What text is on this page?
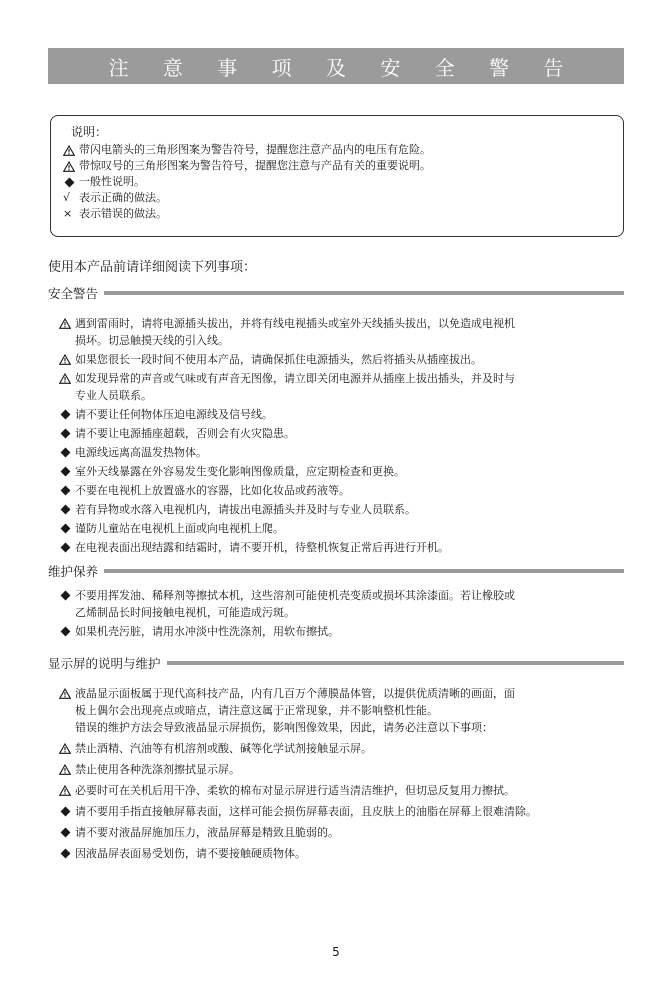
注 意 事 项 及 安 全 警 告
说明：
带闪电箭头的三角形图案为警告符号，提醒您注意产品内的电压有危险。
带惊叹号的三角形图案为警告符号，提醒您注意与产品有关的重要说明。
一般性说明。
√ 表示正确的做法。
× 表示错误的做法。
使用本产品前请详细阅读下列事项：
安全警告
遇到雷雨时，请将电源插头拔出，并将有线电视插头或室外天线插头拔出，以免造成电视机
损坏。切忌触摸天线的引入线。
如果您很长一段时间不使用本产品，请确保抓住电源插头，然后将插头从插座拔出。
如发现异常的声音或气味或有声音无图像，请立即关闭电源并从插座上拔出插头，并及时与
专业人员联系。
请不要让任何物体压迫电源线及信号线。
请不要让电源插座超载，否则会有火灾隐患。
电源线远离高温发热物体。
室外天线暴露在外容易发生变化影响图像质量，应定期检查和更换。
不要在电视机上放置盛水的容器，比如化妆品或药液等。
若有异物或水落入电视机内，请拔出电源插头并及时与专业人员联系。
谨防儿童站在电视机上面或向电视机上爬。
在电视表面出现结露和结霜时，请不要开机，待整机恢复正常后再进行开机。
维护保养
不要用挥发油、稀释剂等擦拭本机，这些溶剂可能使机壳变质或损坏其涂漆面。若让橡胶或
乙烯制品长时间接触电视机，可能造成污斑。
如果机壳污脏，请用水冲淡中性洗涤剂，用软布擦拭。
显示屏的说明与维护
液晶显示面板属于现代高科技产品，内有几百万个薄膜晶体管，以提供优质清晰的画面，面
板上偶尔会出现亮点或暗点，请注意这属于正常现象，并不影响整机性能。
错误的维护方法会导致液晶显示屏损伤，影响图像效果，因此，请务必注意以下事项：
禁止酒精、汽油等有机溶剂或酸、碱等化学试剂接触显示屏。
禁止使用各种洗涤剂擦拭显示屏。
必要时可在关机后用干净、柔软的棉布对显示屏进行适当清洁维护，但切忌反复用力擦拭。
请不要用手指直接触屏幕表面，这样可能会损伤屏幕表面，且皮肤上的油脂在屏幕上很难清除。
请不要对液晶屏施加压力，液晶屏幕是精致且脆弱的。
因液晶屏表面易受划伤，请不要接触硬质物体。
5
